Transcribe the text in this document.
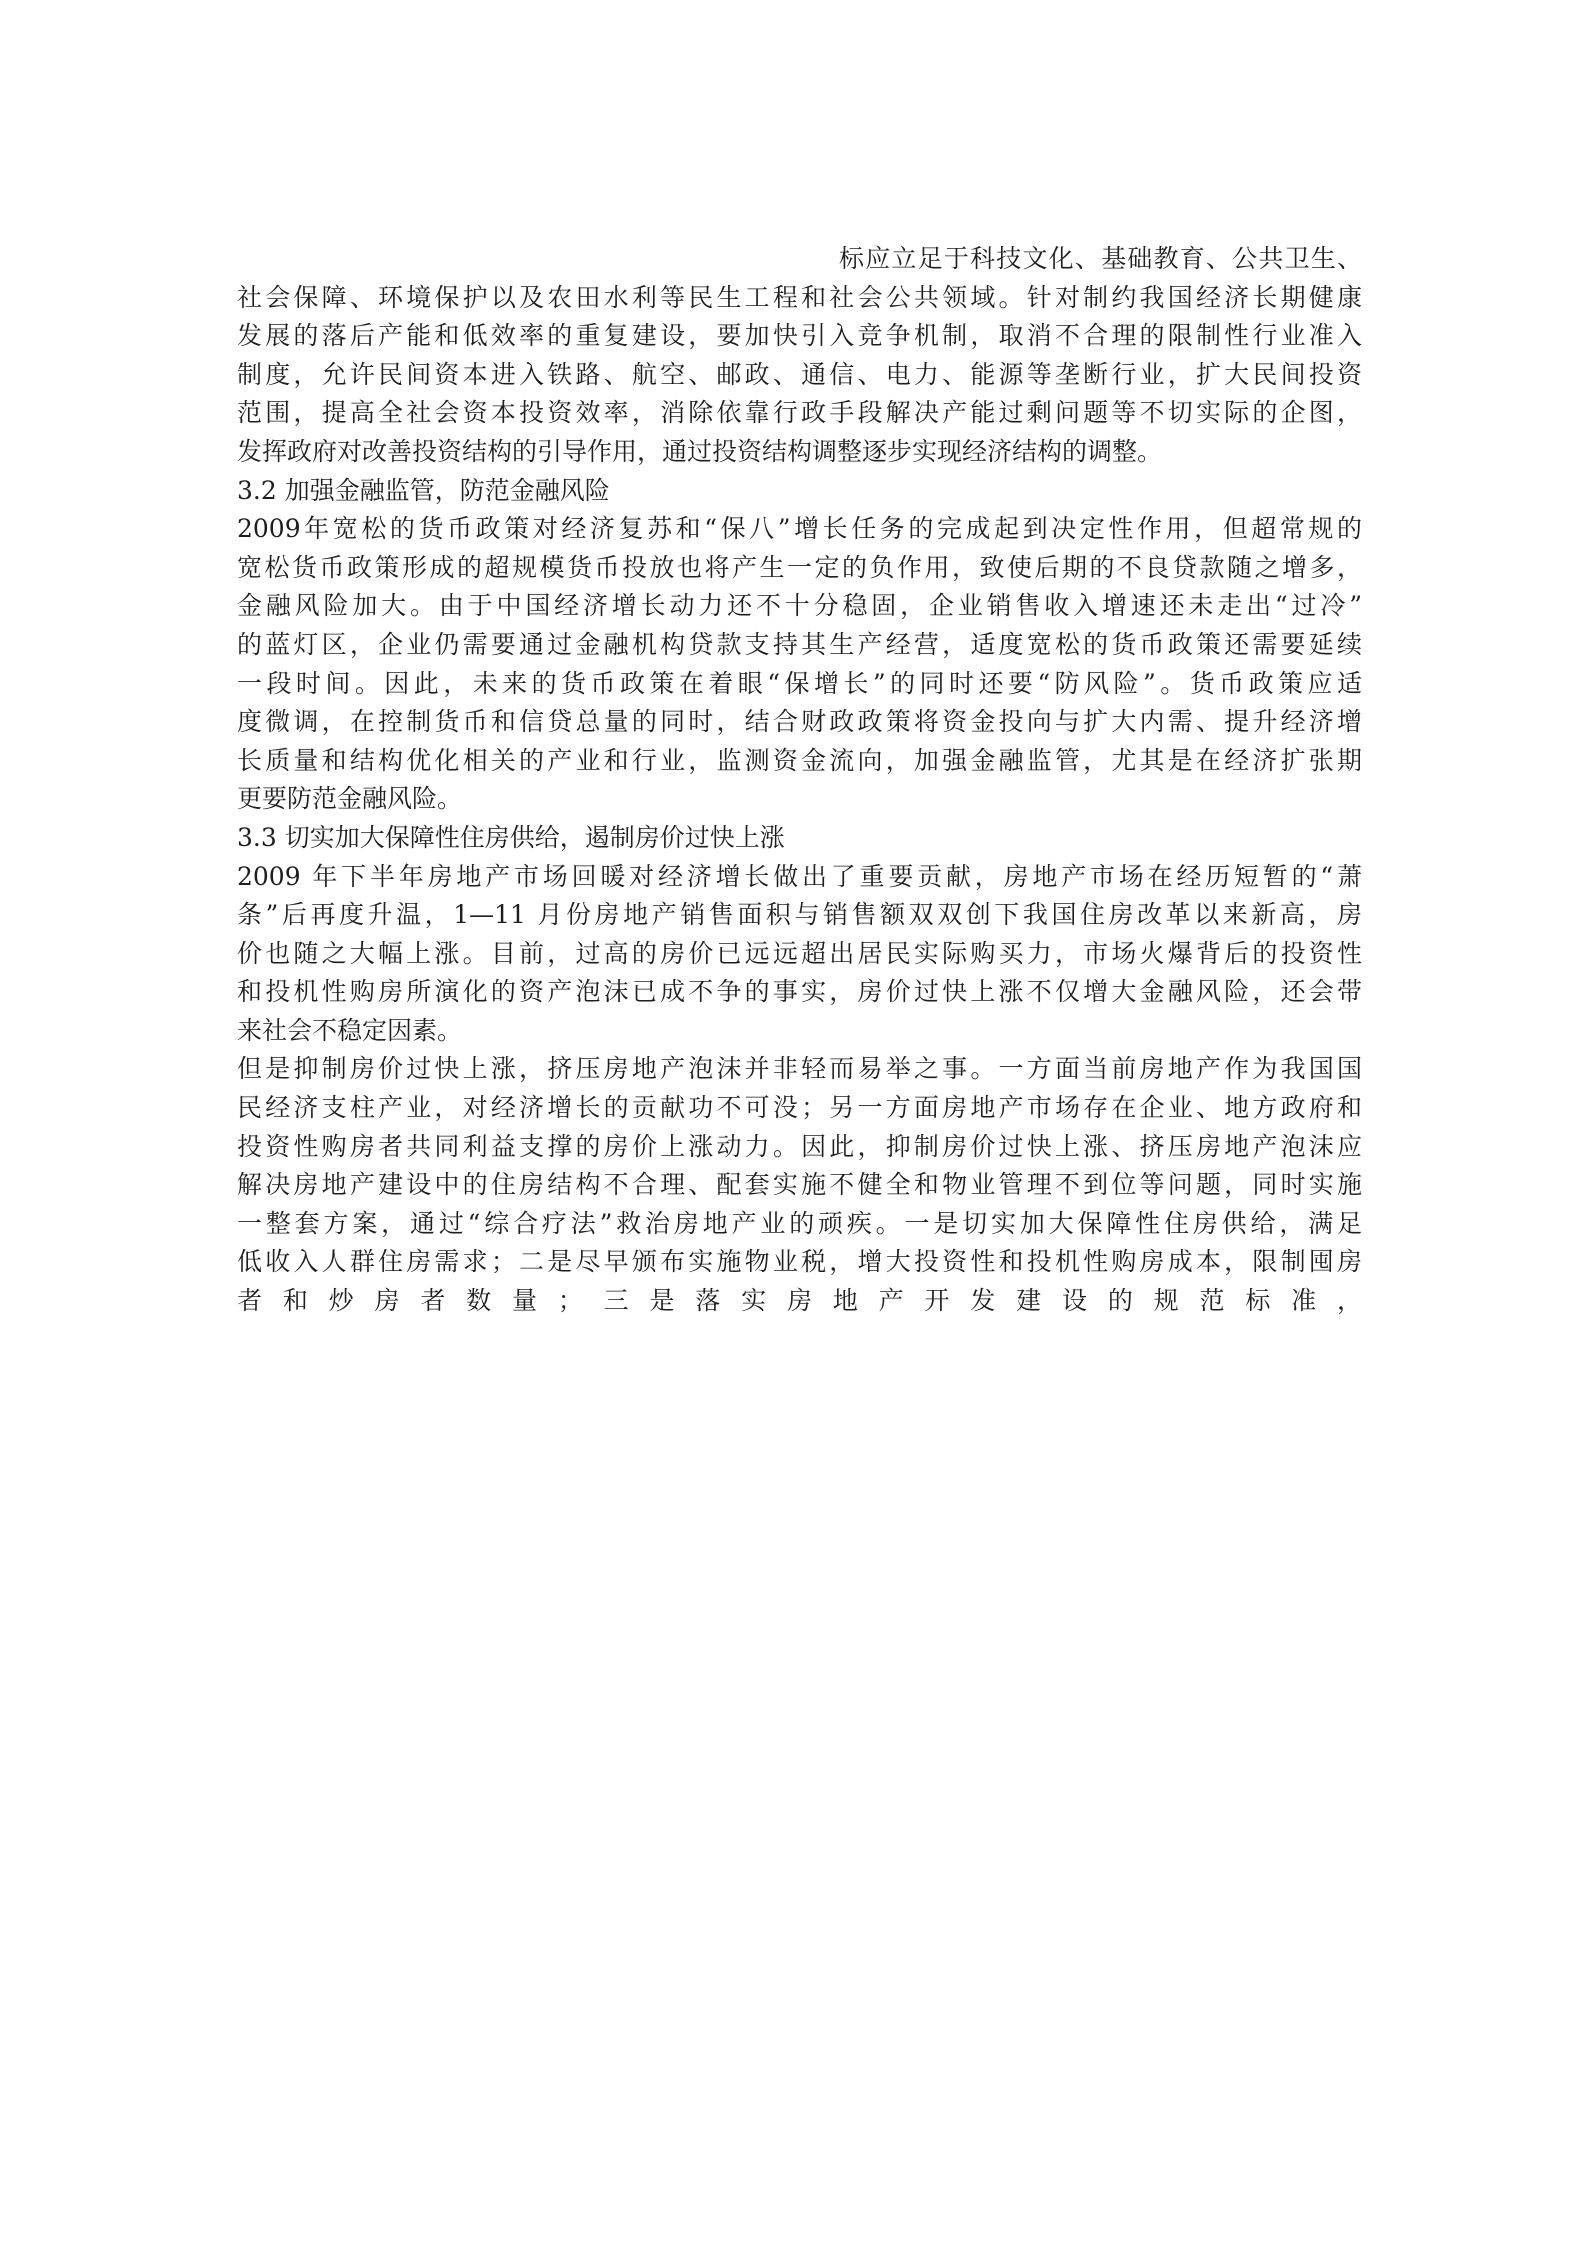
标应立足于科技文化、基础教育、公共卫生、
社会保障、环境保护以及农田水利等民生工程和社会公共领域。针对制约我国经济长期健康
发展的落后产能和低效率的重复建设，要加快引入竞争机制，取消不合理的限制性行业准入
制度，允许民间资本进入铁路、航空、邮政、通信、电力、能源等垄断行业，扩大民间投资
范围，提高全社会资本投资效率，消除依靠行政手段解决产能过剩问题等不切实际的企图，
发挥政府对改善投资结构的引导作用，通过投资结构调整逐步实现经济结构的调整。
3.2 加强金融监管，防范金融风险
2009年宽松的货币政策对经济复苏和“保八”增长任务的完成起到决定性作用，但超常规的
宽松货币政策形成的超规模货币投放也将产生一定的负作用，致使后期的不良贷款随之增多，
金融风险加大。由于中国经济增长动力还不十分稳固，企业销售收入增速还未走出“过冷”
的蓝灯区，企业仍需要通过金融机构贷款支持其生产经营，适度宽松的货币政策还需要延续
一段时间。因此，未来的货币政策在着眼“保增长”的同时还要“防风险”。货币政策应适
度微调，在控制货币和信贷总量的同时，结合财政政策将资金投向与扩大内需、提升经济增
长质量和结构优化相关的产业和行业，监测资金流向，加强金融监管，尤其是在经济扩张期
更要防范金融风险。
3.3 切实加大保障性住房供给，遏制房价过快上涨
2009 年下半年房地产市场回暖对经济增长做出了重要贡献，房地产市场在经历短暂的“萧
条”后再度升温，1—11 月份房地产销售面积与销售额双双创下我国住房改革以来新高，房
价也随之大幅上涨。目前，过高的房价已远远超出居民实际购买力，市场火爆背后的投资性
和投机性购房所演化的资产泡沫已成不争的事实，房价过快上涨不仅增大金融风险，还会带
来社会不稳定因素。
但是抑制房价过快上涨，挤压房地产泡沫并非轻而易举之事。一方面当前房地产作为我国国
民经济支柱产业，对经济增长的贡献功不可没；另一方面房地产市场存在企业、地方政府和
投资性购房者共同利益支撑的房价上涨动力。因此，抑制房价过快上涨、挤压房地产泡沫应
解决房地产建设中的住房结构不合理、配套实施不健全和物业管理不到位等问题，同时实施
一整套方案，通过“综合疗法”救治房地产业的顽疾。一是切实加大保障性住房供给，满足
低收入人群住房需求；二是尽早颁布实施物业税，增大投资性和投机性购房成本，限制囤房
者和炒房者数量；三是落实房地产开发建设的规范标准，
